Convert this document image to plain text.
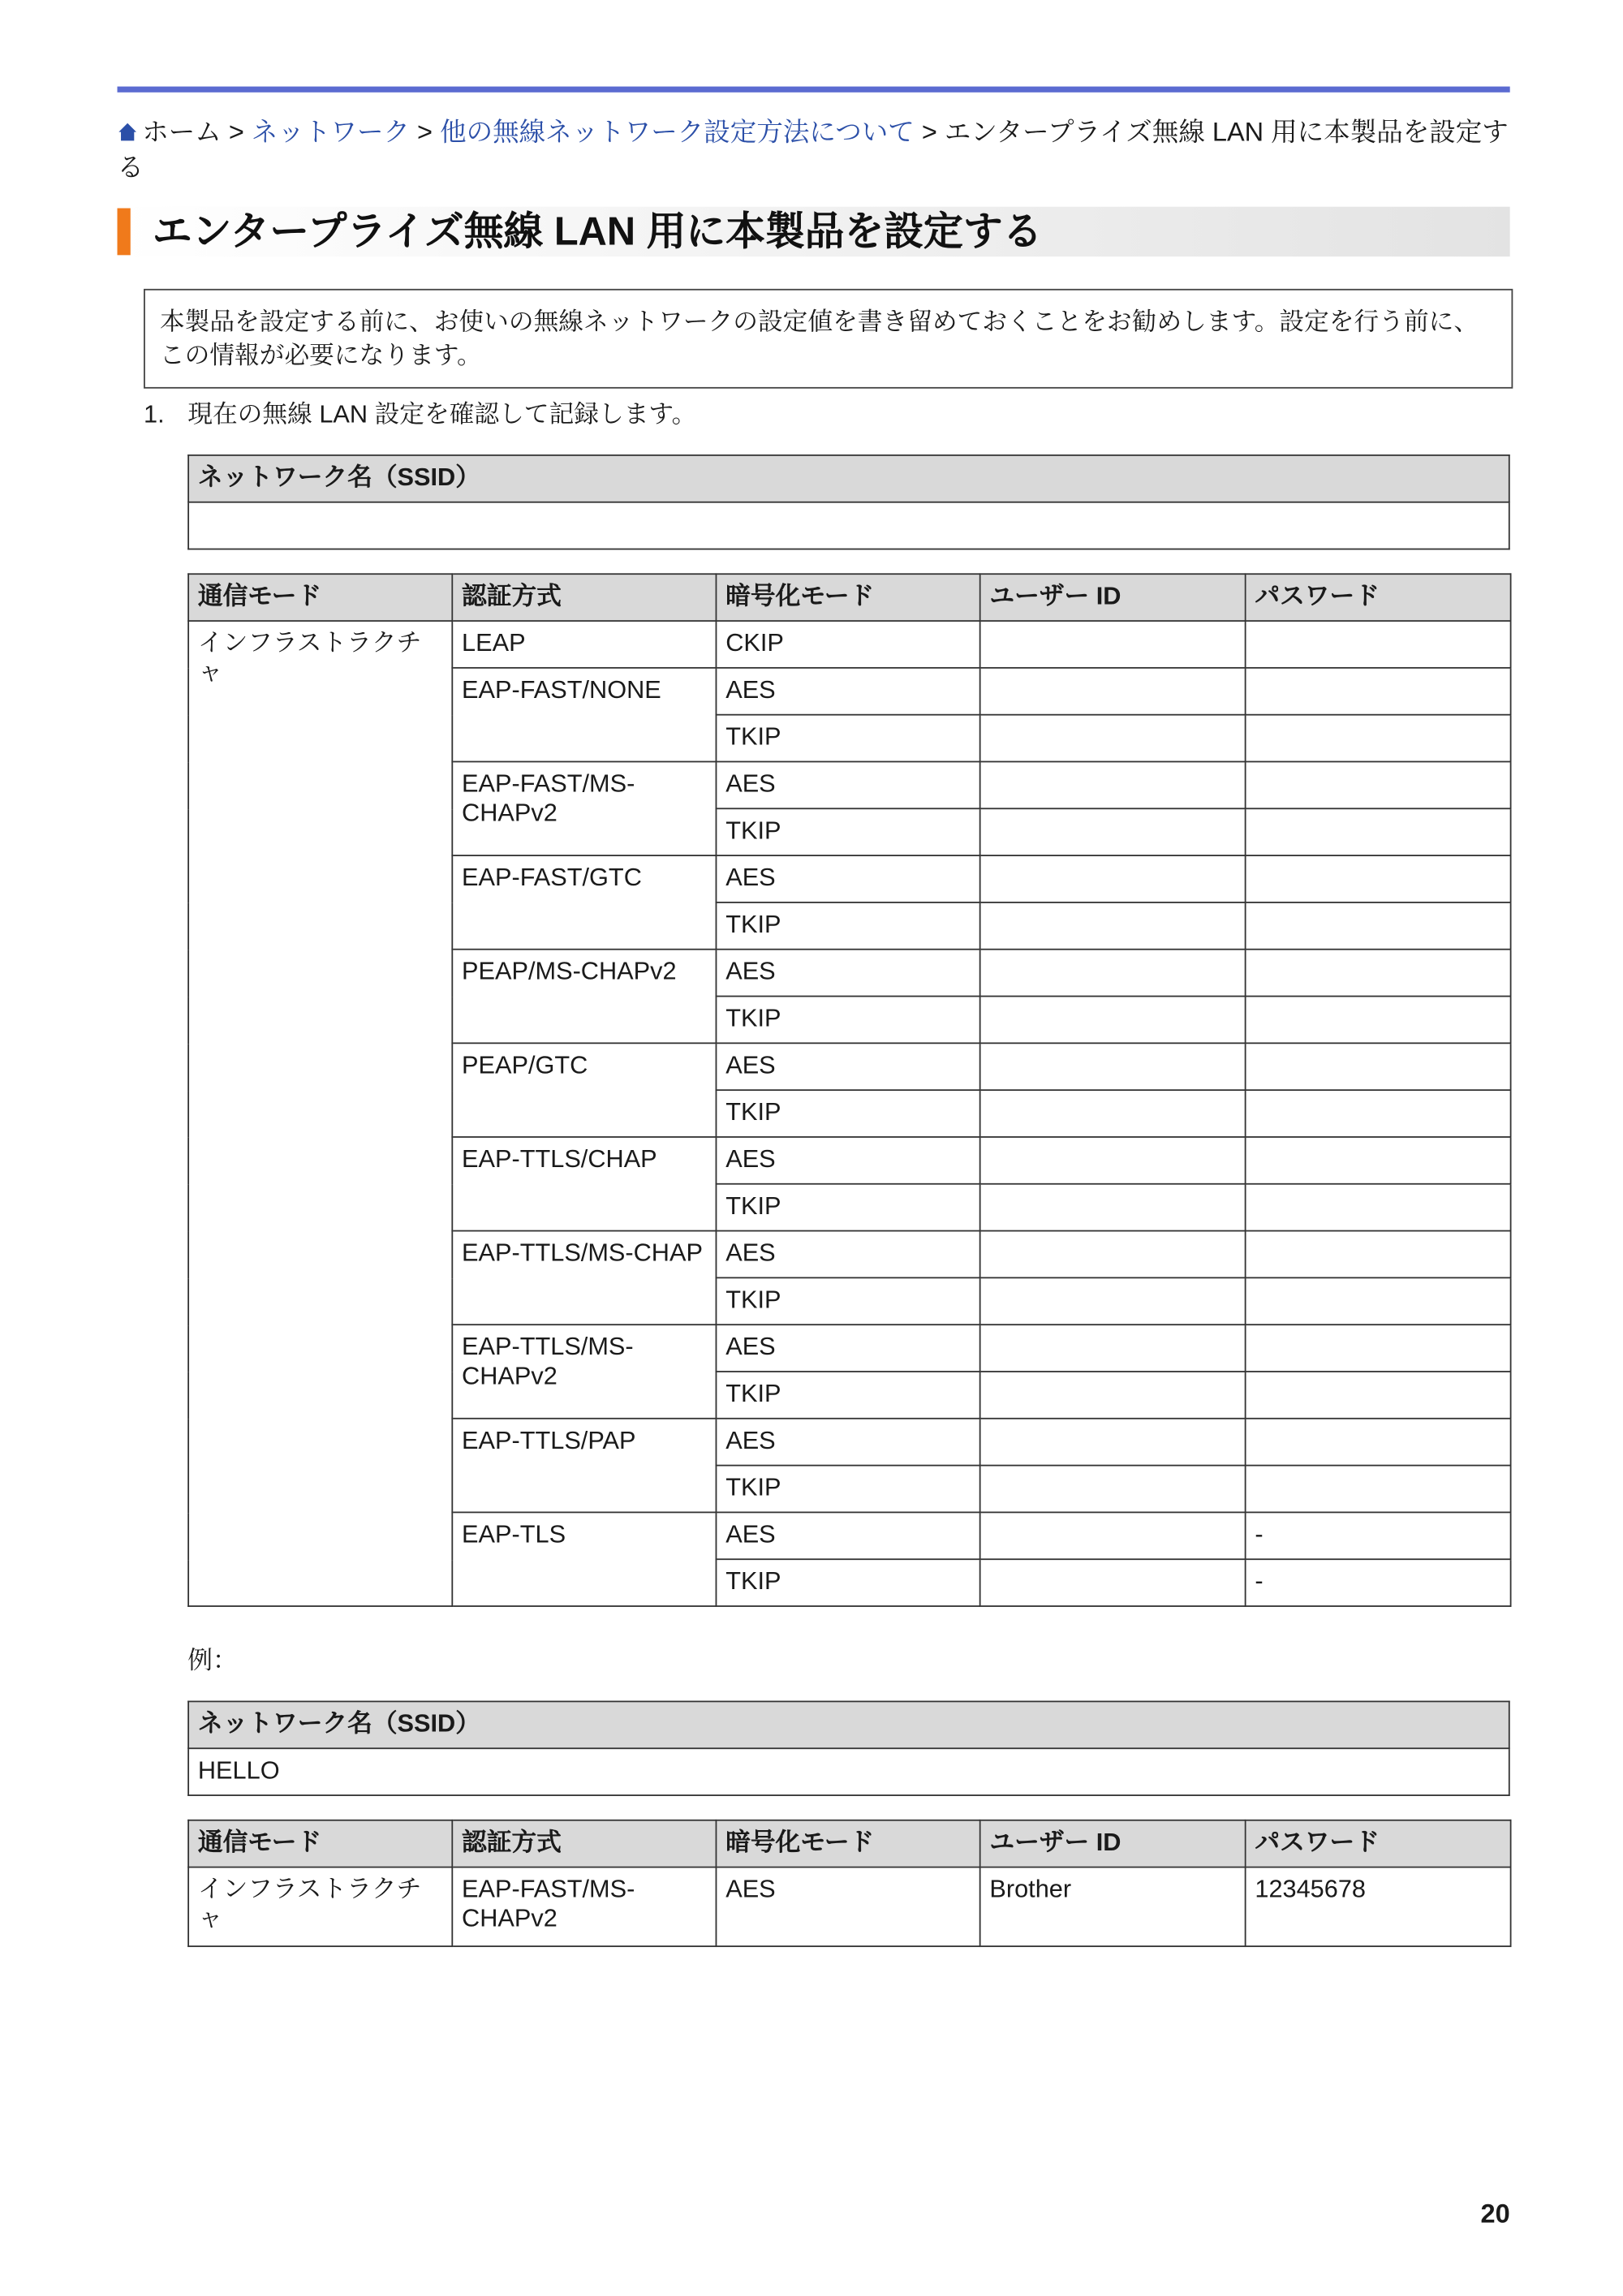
ホーム > ネットワーク > 他の無線ネットワーク設定方法について > エンタープライズ無線 LAN 用に本製品を設定する
エンタープライズ無線 LAN 用に本製品を設定する
本製品を設定する前に、お使いの無線ネットワークの設定値を書き留めておくことをお勧めします。設定を行う前に、この情報が必要になります。
1. 現在の無線 LAN 設定を確認して記録します。
ネットワーク名（SSID）

通信モード	認証方式	暗号化モード	ユーザー ID	パスワード
インフラストラクチャ	LEAP	CKIP		
	EAP-FAST/NONE	AES		
		TKIP		
	EAP-FAST/MS-CHAPv2	AES		
		TKIP		
	EAP-FAST/GTC	AES		
		TKIP		
	PEAP/MS-CHAPv2	AES		
		TKIP		
	PEAP/GTC	AES		
		TKIP		
	EAP-TTLS/CHAP	AES		
		TKIP		
	EAP-TTLS/MS-CHAP	AES		
		TKIP		
	EAP-TTLS/MS-CHAPv2	AES		
		TKIP		
	EAP-TTLS/PAP	AES		
		TKIP		
	EAP-TLS	AES		-
		TKIP		-
例：
ネットワーク名（SSID）
HELLO
通信モード	認証方式	暗号化モード	ユーザー ID	パスワード
インフラストラクチャ	EAP-FAST/MS-CHAPv2	AES	Brother	12345678
20
